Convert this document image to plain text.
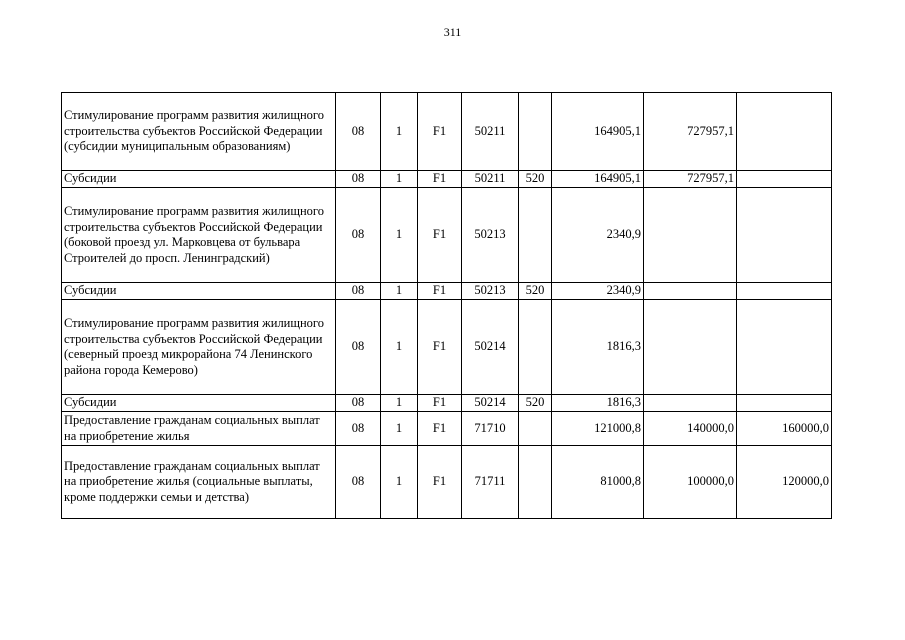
311
Стимулирование программ развития жилищного строительства субъектов Российской Федерации (субсидии муниципальным образованиям)	08	1	F1	50211		164905,1	727957,1	
Субсидии	08	1	F1	50211	520	164905,1	727957,1	
Стимулирование программ развития жилищного строительства субъектов Российской Федерации (боковой проезд ул. Марковцева от бульвара Строителей до просп. Ленинградский)	08	1	F1	50213		2340,9		
Субсидии	08	1	F1	50213	520	2340,9		
Стимулирование программ развития жилищного строительства субъектов Российской Федерации (северный проезд микрорайона 74 Ленинского района города Кемерово)	08	1	F1	50214		1816,3		
Субсидии	08	1	F1	50214	520	1816,3		
Предоставление гражданам социальных выплат на приобретение жилья	08	1	F1	71710		121000,8	140000,0	160000,0
Предоставление гражданам социальных выплат на приобретение жилья (социальные выплаты, кроме поддержки семьи и детства)	08	1	F1	71711		81000,8	100000,0	120000,0
